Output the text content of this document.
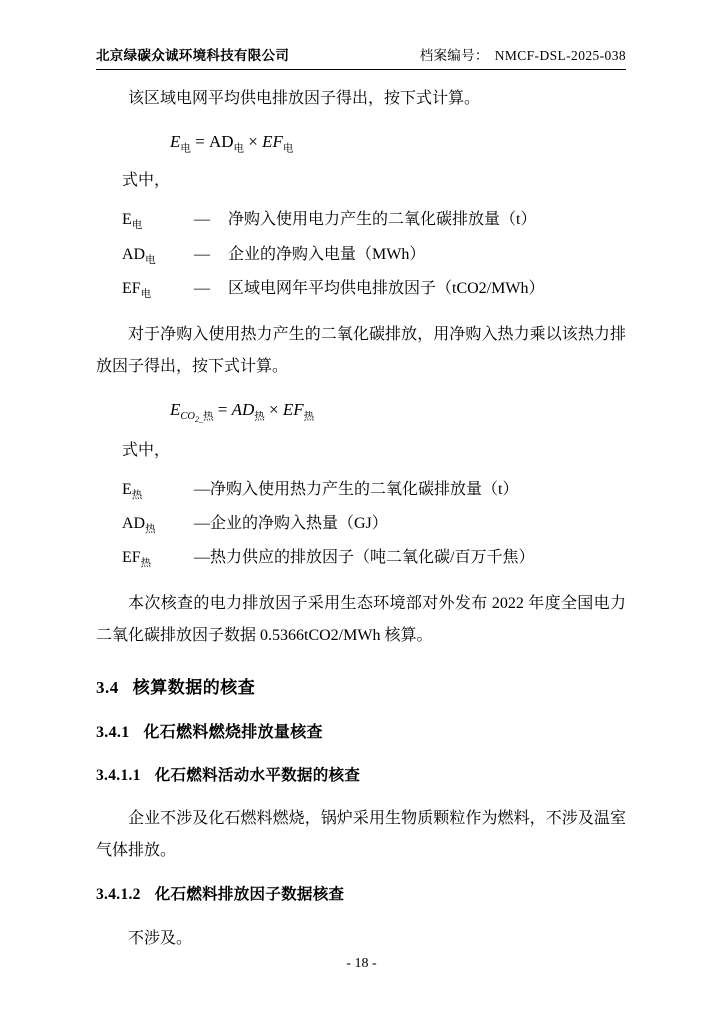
北京绿碳众诚环境科技有限公司	档案编号： NMCF-DSL-2025-038
该区域电网平均供电排放因子得出，按下式计算。
$E_电 = AD_电 \times EF_电$
式中，
$E_电$	—	净购入使用电力产生的二氧化碳排放量（t）
$AD_电$	—	企业的净购入电量（MWh）
$EF_电$	—	区域电网年平均供电排放因子（tCO2/MWh）
对于净购入使用热力产生的二氧化碳排放，用净购入热力乘以该热力排放因子得出，按下式计算。
$E_{CO_{2\_}热} = AD_热 \times EF_热$
式中，
$E_热$	—净购入使用热力产生的二氧化碳排放量（t）
$AD_热$	—企业的净购入热量（GJ）
$EF_热$	—热力供应的排放因子（吨二氧化碳/百万千焦）
本次核查的电力排放因子采用生态环境部对外发布 2022 年度全国电力二氧化碳排放因子数据 0.5366tCO2/MWh 核算。
3.4 核算数据的核查
3.4.1 化石燃料燃烧排放量核查
3.4.1.1 化石燃料活动水平数据的核查
企业不涉及化石燃料燃烧，锅炉采用生物质颗粒作为燃料，不涉及温室气体排放。
3.4.1.2 化石燃料排放因子数据核查
不涉及。
- 18 -
